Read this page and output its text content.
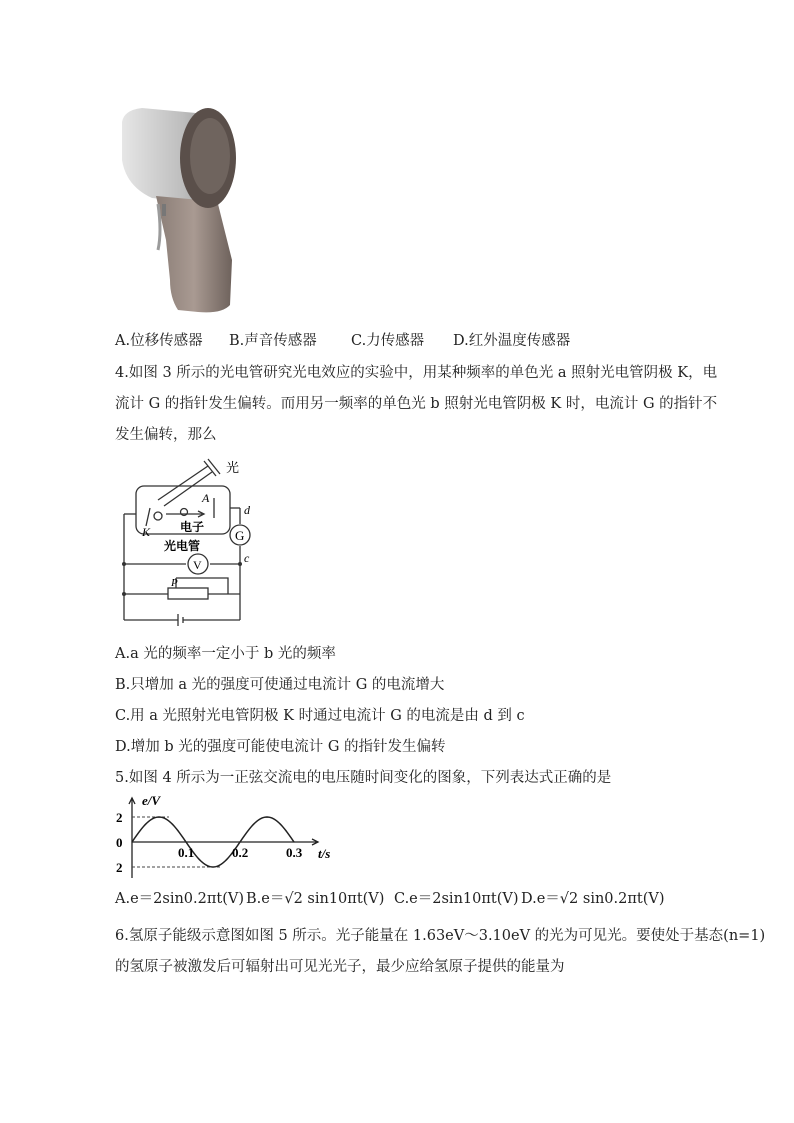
A.位移传感器 B.声音传感器 C.力传感器 D.红外温度传感器
4.如图 3 所示的光电管研究光电效应的实验中，用某种频率的单色光 a 照射光电管阴极 K，电
流计 G 的指针发生偏转。而用另一频率的单色光 b 照射光电管阴极 K 时，电流计 G 的指针不
发生偏转，那么
光
A
K 电子
光电管
G
V
P
d
c
A.a 光的频率一定小于 b 光的频率
B.只增加 a 光的强度可使通过电流计 G 的电流增大
C.用 a 光照射光电管阴极 K 时通过电流计 G 的电流是由 d 到 c
D.增加 b 光的强度可能使电流计 G 的指针发生偏转
5.如图 4 所示为一正弦交流电的电压随时间变化的图象，下列表达式正确的是
e/V
t/s
2
0
2
0.1	0.2	0.3
A.e＝2sin0.2πt(V) B.e＝√2 sin10πt(V) C.e＝2sin10πt(V) D.e＝√2 sin0.2πt(V)
6.氢原子能级示意图如图 5 所示。光子能量在 1.63eV～3.10eV 的光为可见光。要使处于基态(n=1)
的氢原子被激发后可辐射出可见光光子，最少应给氢原子提供的能量为
